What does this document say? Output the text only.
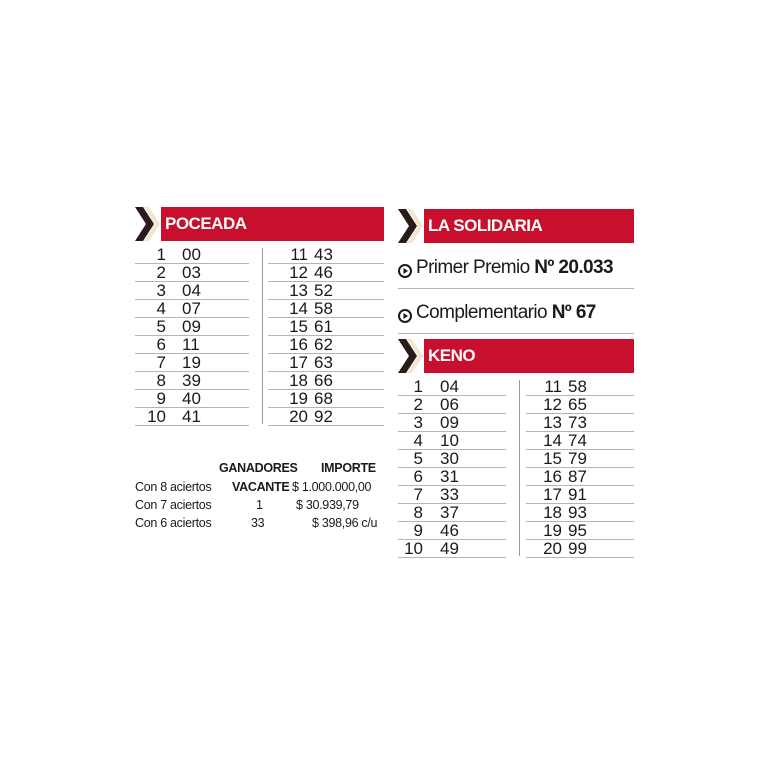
POCEADA
1 00
2 03
3 04
4 07
5 09
6 11
7 19
8 39
9 40
10 41
11 43
12 46
13 52
14 58
15 61
16 62
17 63
18 66
19 68
20 92
GANADORES IMPORTE
Con 8 aciertos VACANTE $ 1.000.000,00
Con 7 aciertos	1	$ 30.939,79
Con 6 aciertos	33	$ 398,96 c/u
LA SOLIDARIA
Primer Premio Nº 20.033
Complementario Nº 67
KENO
1 04
2 06
3 09
4 10
5 30
6 31
7 33
8 37
9 46
10 49
11 58
12 65
13 73
14 74
15 79
16 87
17 91
18 93
19 95
20 99
